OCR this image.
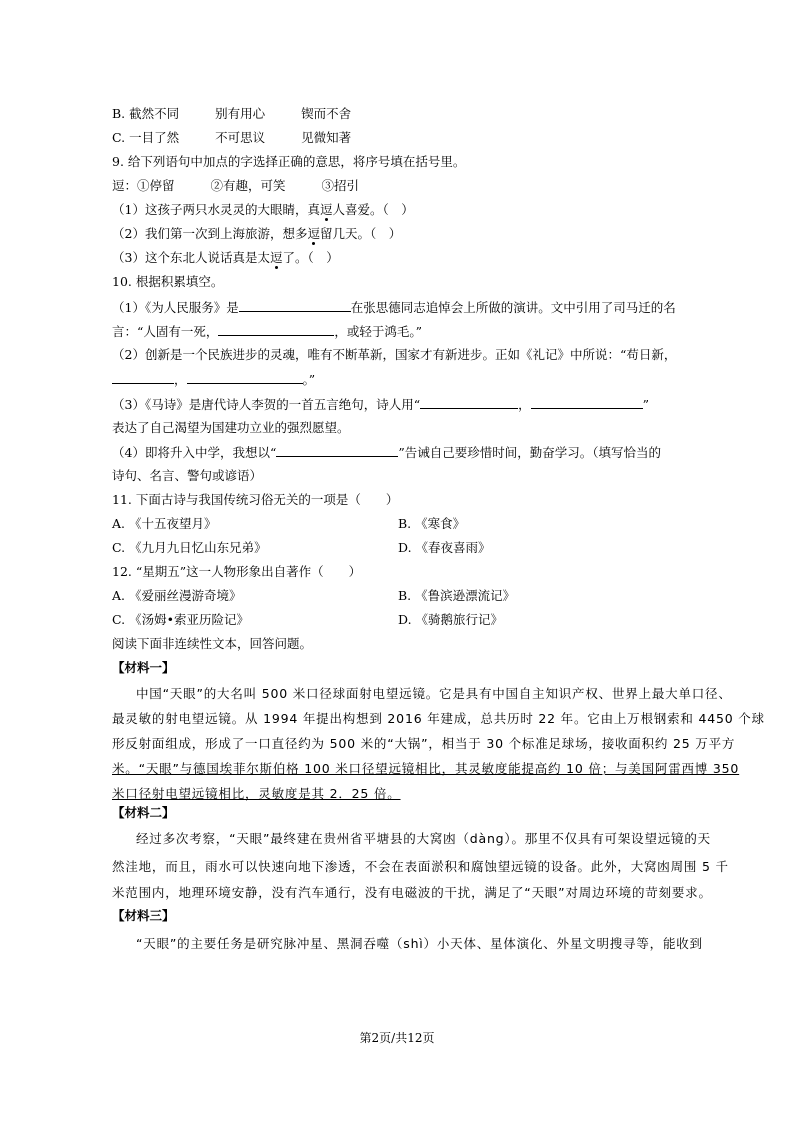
B. 截然不同	别有用心	锲而不舍
C. 一目了然	不可思议	见微知著
9. 给下列语句中加点的字选择正确的意思，将序号填在括号里。
逗：①停留	②有趣，可笑	③招引
（1）这孩子两只水灵灵的大眼睛，真逗人喜爱。（　）
（2）我们第一次到上海旅游，想多逗留几天。（　）
（3）这个东北人说话真是太逗了。（　）
10. 根据积累填空。
（1）《为人民服务》是	在张思德同志追悼会上所做的演讲。文中引用了司马迁的名
言：“人固有一死，	，或轻于鸿毛。”
（2）创新是一个民族进步的灵魂，唯有不断革新，国家才有新进步。正如《礼记》中所说：“苟日新，
，	。”
（3）《马诗》是唐代诗人李贺的一首五言绝句，诗人用“	，	”
表达了自己渴望为国建功立业的强烈愿望。
（4）即将升入中学，我想以“	”告诫自己要珍惜时间，勤奋学习。（填写恰当的
诗句、名言、警句或谚语）
11. 下面古诗与我国传统习俗无关的一项是（　　）
A. 《十五夜望月》	B. 《寒食》
C. 《九月九日忆山东兄弟》	D. 《春夜喜雨》
12. “星期五”这一人物形象出自著作（　　）
A. 《爱丽丝漫游奇境》	B. 《鲁滨逊漂流记》
C. 《汤姆•索亚历险记》	D. 《骑鹅旅行记》
阅读下面非连续性文本，回答问题。
【材料一】
中国“天眼”的大名叫 500 米口径球面射电望远镜。它是具有中国自主知识产权、世界上最大单口径、
最灵敏的射电望远镜。从 1994 年提出构想到 2016 年建成，总共历时 22 年。它由上万根钢索和 4450 个球
形反射面组成，形成了一口直径约为 500 米的“大锅”，相当于 30 个标准足球场，接收面积约 25 万平方
米。“天眼”与德国埃菲尔斯伯格 100 米口径望远镜相比，其灵敏度能提高约 10 倍；与美国阿雷西博 350
米口径射电望远镜相比，灵敏度是其 2．25 倍。
【材料二】
经过多次考察，“天眼”最终建在贵州省平塘县的大窝凼（dàng）。那里不仅具有可架设望远镜的天
然洼地，而且，雨水可以快速向地下渗透，不会在表面淤积和腐蚀望远镜的设备。此外，大窝凼周围 5 千
米范围内，地理环境安静，没有汽车通行，没有电磁波的干扰，满足了“天眼”对周边环境的苛刻要求。
【材料三】
“天眼”的主要任务是研究脉冲星、黑洞吞噬（shì）小天体、星体演化、外星文明搜寻等，能收到
第2页/共12页
